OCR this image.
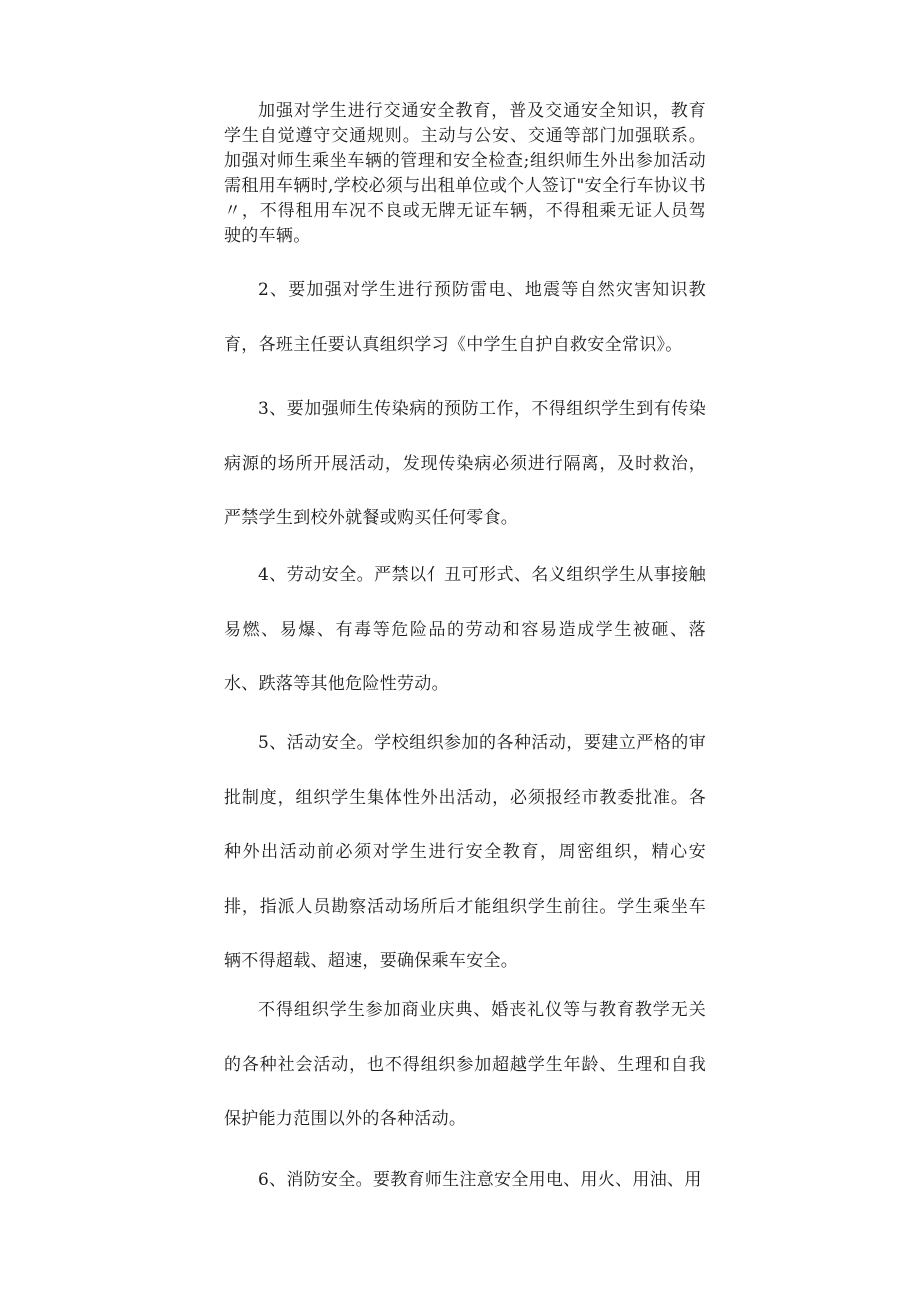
加强对学生进行交通安全教育，普及交通安全知识，教育学生自觉遵守交通规则。主动与公安、交通等部门加强联系。加强对师生乘坐车辆的管理和安全检查;组织师生外出参加活动需租用车辆时,学校必须与出租单位或个人签订"安全行车协议书〃，不得租用车况不良或无牌无证车辆，不得租乘无证人员驾驶的车辆。

2、要加强对学生进行预防雷电、地震等自然灾害知识教育，各班主任要认真组织学习《中学生自护自救安全常识》。

3、要加强师生传染病的预防工作，不得组织学生到有传染病源的场所开展活动，发现传染病必须进行隔离，及时救治，严禁学生到校外就餐或购买任何零食。

4、劳动安全。严禁以亻丑可形式、名义组织学生从事接触易燃、易爆、有毒等危险品的劳动和容易造成学生被砸、落水、跌落等其他危险性劳动。

5、活动安全。学校组织参加的各种活动，要建立严格的审批制度，组织学生集体性外出活动，必须报经市教委批准。各种外出活动前必须对学生进行安全教育，周密组织，精心安排，指派人员勘察活动场所后才能组织学生前往。学生乘坐车辆不得超载、超速，要确保乘车安全。

不得组织学生参加商业庆典、婚丧礼仪等与教育教学无关的各种社会活动，也不得组织参加超越学生年龄、生理和自我保护能力范围以外的各种活动。

6、消防安全。要教育师生注意安全用电、用火、用油、用
